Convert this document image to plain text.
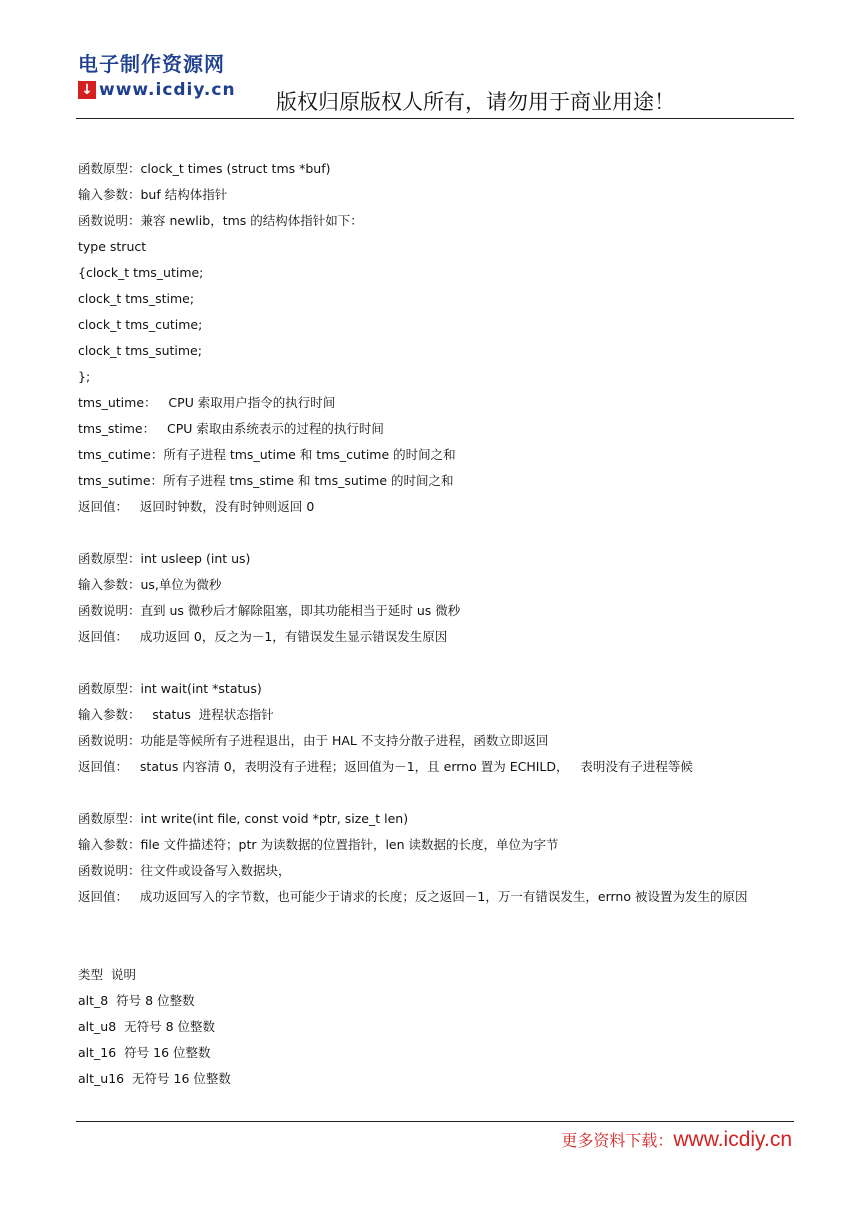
电子制作资源网
↓ www.icdiy.cn 版权归原版权人所有，请勿用于商业用途！
函数原型：clock_t times (struct tms *buf)
输入参数：buf 结构体指针
函数说明：兼容 newlib，tms 的结构体指针如下：
type struct
{clock_t tms_utime;
clock_t tms_stime;
clock_t tms_cutime;
clock_t tms_sutime;
};
tms_utime：   CPU 索取用户指令的执行时间
tms_stime：   CPU 索取由系统表示的过程的执行时间
tms_cutime：所有子进程 tms_utime 和 tms_cutime 的时间之和
tms_sutime：所有子进程 tms_stime 和 tms_sutime 的时间之和
返回值：   返回时钟数，没有时钟则返回 0
函数原型：int usleep (int us)
输入参数：us,单位为微秒
函数说明：直到 us 微秒后才解除阻塞，即其功能相当于延时 us 微秒
返回值：   成功返回 0，反之为－1，有错误发生显示错误发生原因
函数原型：int wait(int *status)
输入参数：   status  进程状态指针
函数说明：功能是等候所有子进程退出，由于 HAL 不支持分散子进程，函数立即返回
返回值：   status 内容清 0，表明没有子进程；返回值为－1，且 errno 置为 ECHILD，   表明没有子进程等候
函数原型：int write(int file, const void *ptr, size_t len)
输入参数：file 文件描述符；ptr 为读数据的位置指针，len 读数据的长度，单位为字节
函数说明：往文件或设备写入数据块，
返回值：   成功返回写入的字节数，也可能少于请求的长度；反之返回－1，万一有错误发生，errno 被设置为发生的原因
类型  说明
alt_8  符号 8 位整数
alt_u8  无符号 8 位整数
alt_16  符号 16 位整数
alt_u16  无符号 16 位整数
更多资料下载： www.icdiy.cn
